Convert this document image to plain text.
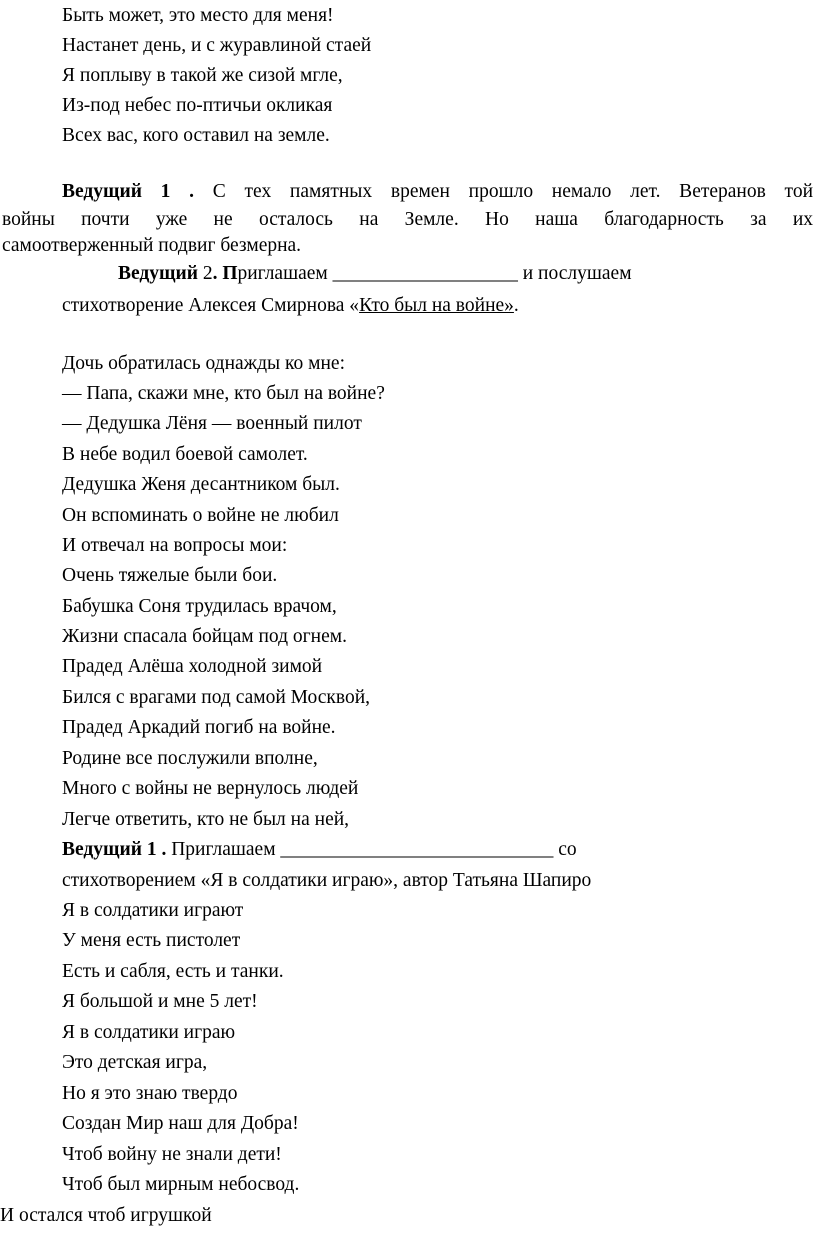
Быть может, это место для меня!
Настанет день, и с журавлиной стаей
Я поплыву в такой же сизой мгле,
Из-под небес по-птичьи окликая
Всех вас, кого оставил на земле.
Ведущий 1 . С тех памятных времен прошло немало лет. Ветеранов той
войны почти уже не осталось на Земле. Но наша благодарность за их
самоотверженный подвиг безмерна.
Ведущий 2. Приглашаем ___________________ и послушаем
стихотворение Алексея Смирнова «Кто был на войне».
Дочь обратилась однажды ко мне:
— Папа, скажи мне, кто был на войне?
— Дедушка Лёня — военный пилот
В небе водил боевой самолет.
Дедушка Женя десантником был.
Он вспоминать о войне не любил
И отвечал на вопросы мои:
Очень тяжелые были бои.
Бабушка Соня трудилась врачом,
Жизни спасала бойцам под огнем.
Прадед Алёша холодной зимой
Бился с врагами под самой Москвой,
Прадед Аркадий погиб на войне.
Родине все послужили вполне,
Много с войны не вернулось людей
Легче ответить, кто не был на ней,
Ведущий 1 . Приглашаем ____________________________ со
стихотворением «Я в солдатики играю», автор Татьяна Шапиро
Я в солдатики играют
У меня есть пистолет
Есть и сабля, есть и танки.
Я большой и мне 5 лет!
Я в солдатики играю
Это детская игра,
Но я это знаю твердо
Создан Мир наш для Добра!
Чтоб войну не знали дети!
Чтоб был мирным небосвод.
И остался чтоб игрушкой
